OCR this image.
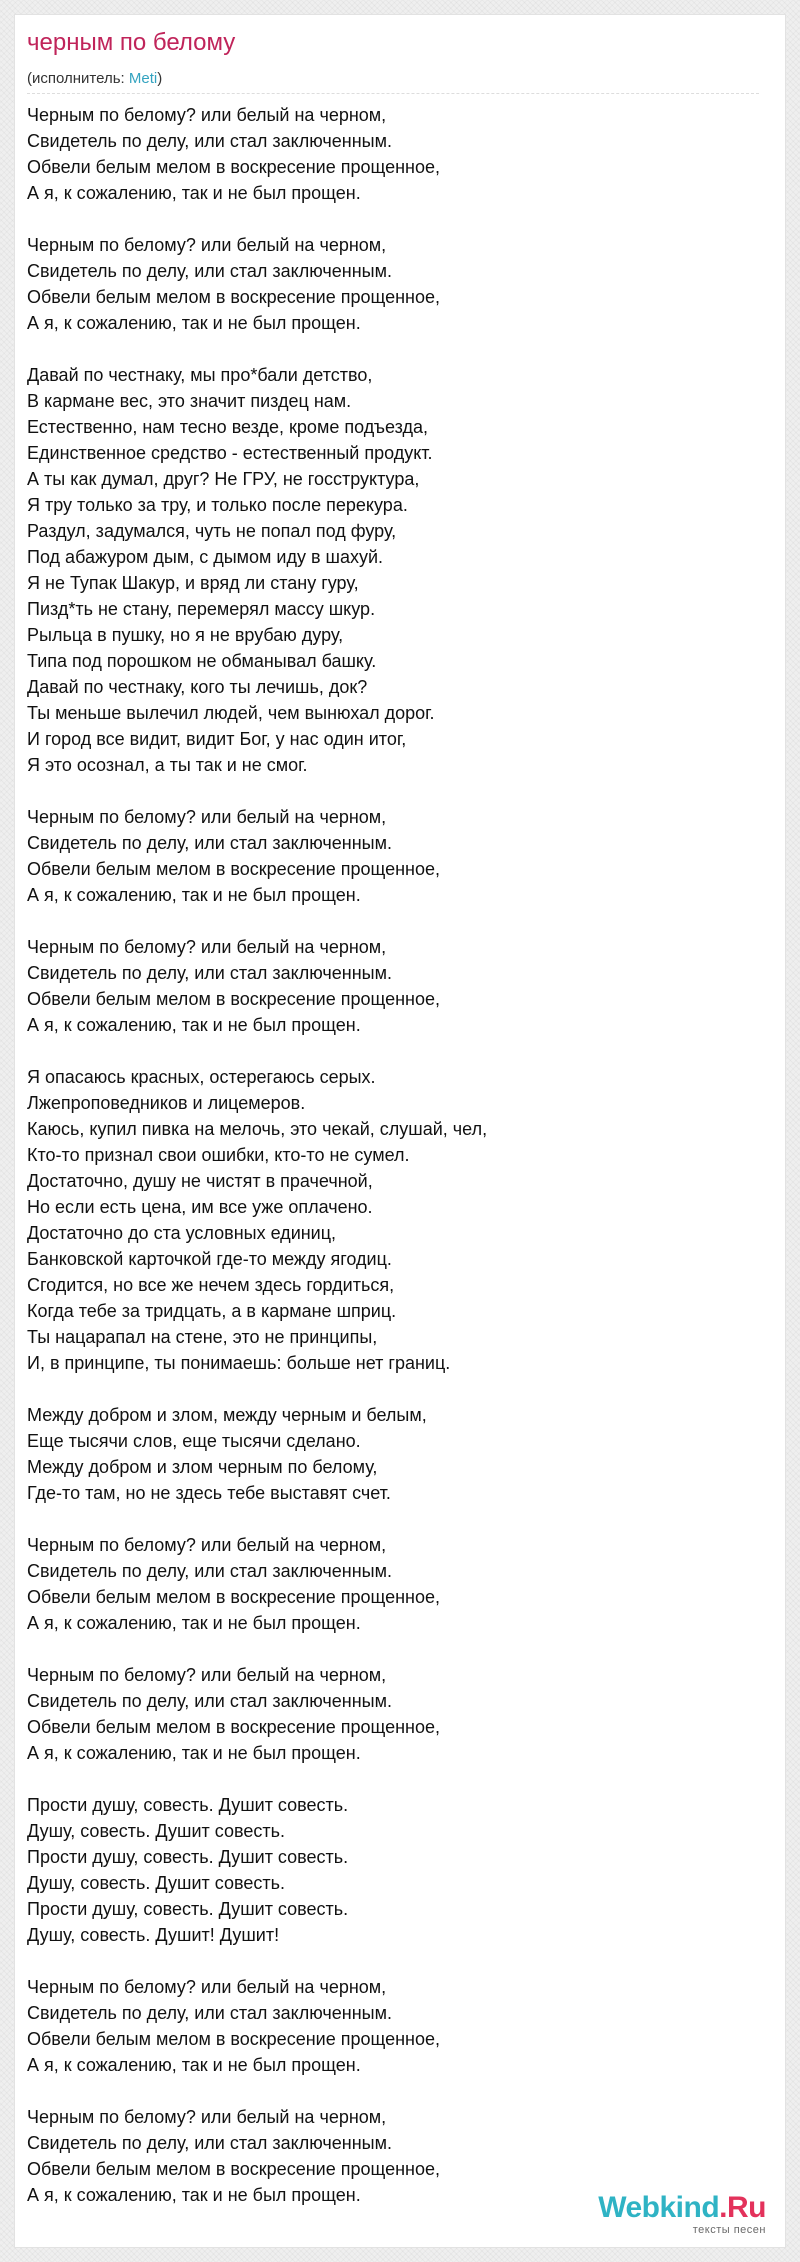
черным по белому
(исполнитель: Meti)
Черным по белому? или белый на черном,
Свидетель по делу, или стал заключенным.
Обвели белым мелом в воскресение прощенное,
А я, к сожалению, так и не был прощен.
Черным по белому? или белый на черном,
Свидетель по делу, или стал заключенным.
Обвели белым мелом в воскресение прощенное,
А я, к сожалению, так и не был прощен.
Давай по честнаку, мы про*бали детство,
В кармане вес, это значит пиздец нам.
Естественно, нам тесно везде, кроме подъезда,
Единственное средство - естественный продукт.
А ты как думал, друг? Не ГРУ, не госструктура,
Я тру только за тру, и только после перекура.
Раздул, задумался, чуть не попал под фуру,
Под абажуром дым, с дымом иду в шахуй.
Я не Тупак Шакур, и вряд ли стану гуру,
Пизд*ть не стану, перемерял массу шкур.
Рыльца в пушку, но я не врубаю дуру,
Типа под порошком не обманывал башку.
Давай по честнаку, кого ты лечишь, док?
Ты меньше вылечил людей, чем вынюхал дорог.
И город все видит, видит Бог, у нас один итог,
Я это осознал, а ты так и не смог.
Черным по белому? или белый на черном,
Свидетель по делу, или стал заключенным.
Обвели белым мелом в воскресение прощенное,
А я, к сожалению, так и не был прощен.
Черным по белому? или белый на черном,
Свидетель по делу, или стал заключенным.
Обвели белым мелом в воскресение прощенное,
А я, к сожалению, так и не был прощен.
Я опасаюсь красных, остерегаюсь серых.
Лжепроповедников и лицемеров.
Каюсь, купил пивка на мелочь, это чекай, слушай, чел,
Кто-то признал свои ошибки, кто-то не сумел.
Достаточно, душу не чистят в прачечной,
Но если есть цена, им все уже оплачено.
Достаточно до ста условных единиц,
Банковской карточкой где-то между ягодиц.
Сгодится, но все же нечем здесь гордиться,
Когда тебе за тридцать, а в кармане шприц.
Ты нацарапал на стене, это не принципы,
И, в принципе, ты понимаешь: больше нет границ.
Между добром и злом, между черным и белым,
Еще тысячи слов, еще тысячи сделано.
Между добром и злом черным по белому,
Где-то там, но не здесь тебе выставят счет.
Черным по белому? или белый на черном,
Свидетель по делу, или стал заключенным.
Обвели белым мелом в воскресение прощенное,
А я, к сожалению, так и не был прощен.
Черным по белому? или белый на черном,
Свидетель по делу, или стал заключенным.
Обвели белым мелом в воскресение прощенное,
А я, к сожалению, так и не был прощен.
Прости душу, совесть. Душит совесть.
Душу, совесть. Душит совесть.
Прости душу, совесть. Душит совесть.
Душу, совесть. Душит совесть.
Прости душу, совесть. Душит совесть.
Душу, совесть. Душит! Душит!
Черным по белому? или белый на черном,
Свидетель по делу, или стал заключенным.
Обвели белым мелом в воскресение прощенное,
А я, к сожалению, так и не был прощен.
Черным по белому? или белый на черном,
Свидетель по делу, или стал заключенным.
Обвели белым мелом в воскресение прощенное,
А я, к сожалению, так и не был прощен.	Webkind.Ru
тексты песен
